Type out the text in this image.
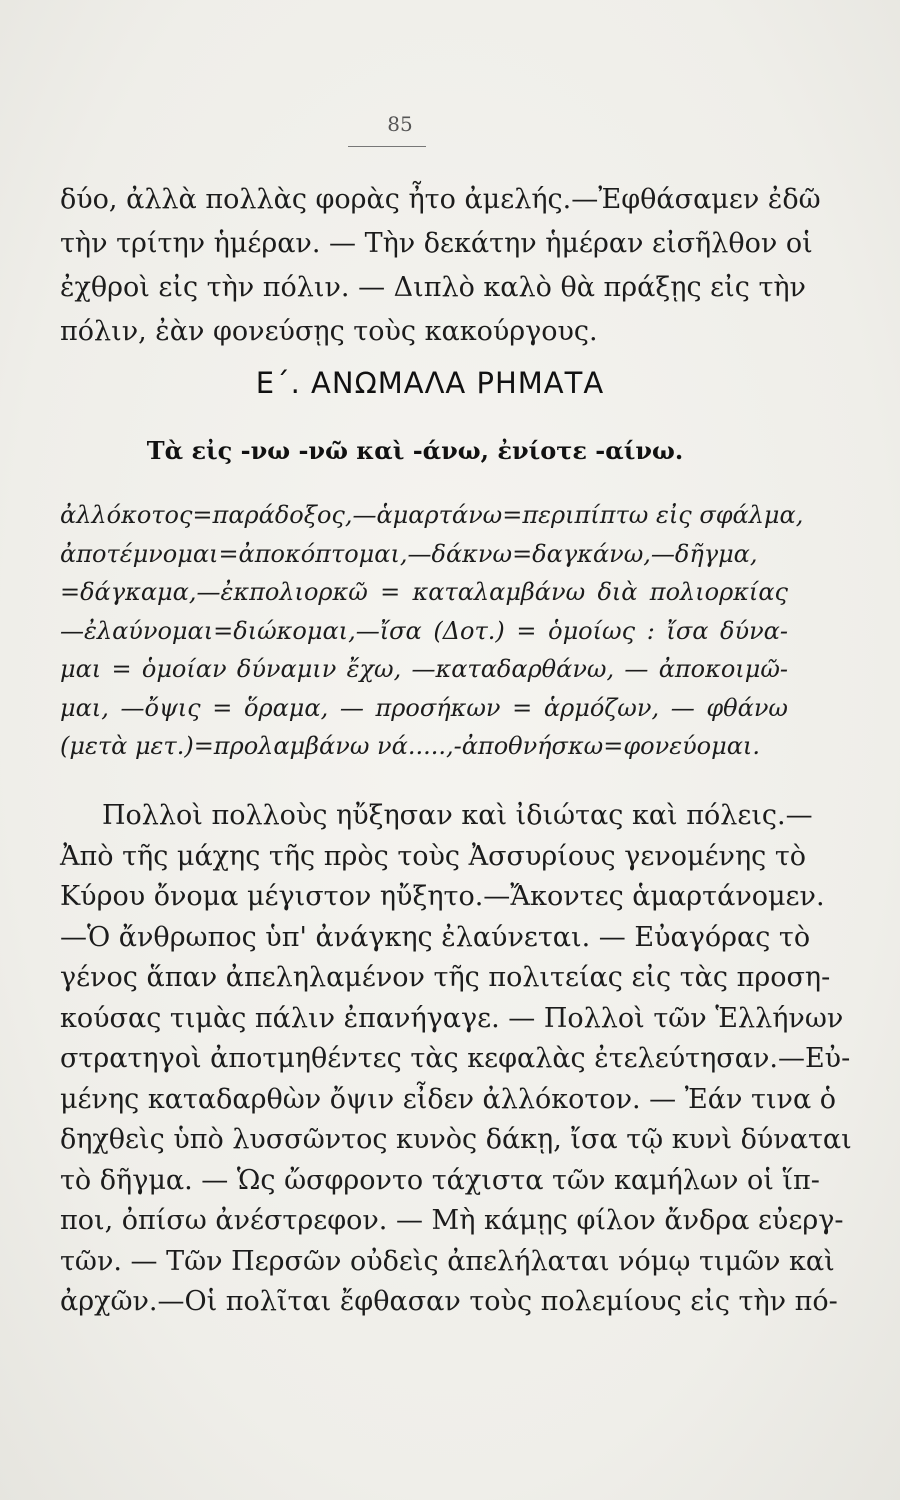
85
δύο, ἀλλὰ πολλὰς φορὰς ἦτο ἀμελής.—Ἐφθάσαμεν ἐδῶ
τὴν τρίτην ἡμέραν. — Τὴν δεκάτην ἡμέραν εἰσῆλθον οἱ
ἐχθροὶ εἰς τὴν πόλιν. — Διπλὸ καλὸ θὰ πράξῃς εἰς τὴν
πόλιν, ἐὰν φονεύσῃς τοὺς κακούργους.
Ε΄. ΑΝΩΜΑΛΑ ΡΗΜΑΤΑ
Τὰ εἰς -νω -νῶ καὶ -άνω, ἐνίοτε -αίνω.
ἀλλόκοτος=παράδοξος,—ἁμαρτάνω=περιπίπτω εἰς σφάλμα,
ἀποτέμνομαι=ἀποκόπτομαι,—δάκνω=δαγκάνω,—δῆγμα,
=δάγκαμα,—ἐκπολιορκῶ = καταλαμβάνω διὰ πολιορκίας
—ἐλαύνομαι=διώκομαι,—ἴσα (Δοτ.) = ὁμοίως : ἴσα δύνα-
μαι = ὁμοίαν δύναμιν ἔχω, —καταδαρθάνω, — ἀποκοιμῶ-
μαι, —ὄψις = ὅραμα, — προσήκων = ἁρμόζων, — φθάνω
(μετὰ μετ.)=προλαμβάνω νά.....,-ἀποθνήσκω=φονεύομαι.
Πολλοὶ πολλοὺς ηὔξησαν καὶ ἰδιώτας καὶ πόλεις.—
Ἀπὸ τῆς μάχης τῆς πρὸς τοὺς Ἀσσυρίους γενομένης τὸ
Κύρου ὄνομα μέγιστον ηὔξητο.—Ἄκοντες ἁμαρτάνομεν.
—Ὁ ἄνθρωπος ὑπ' ἀνάγκης ἐλαύνεται. — Εὐαγόρας τὸ
γένος ἅπαν ἀπεληλαμένον τῆς πολιτείας εἰς τὰς προση-
κούσας τιμὰς πάλιν ἐπανήγαγε. — Πολλοὶ τῶν Ἑλλήνων
στρατηγοὶ ἀποτμηθέντες τὰς κεφαλὰς ἐτελεύτησαν.—Εὐ-
μένης καταδαρθὼν ὄψιν εἶδεν ἀλλόκοτον. — Ἐάν τινα ὁ
δηχθεὶς ὑπὸ λυσσῶντος κυνὸς δάκῃ, ἴσα τῷ κυνὶ δύναται
τὸ δῆγμα. — Ὡς ὤσφροντο τάχιστα τῶν καμήλων οἱ ἵπ-
ποι, ὀπίσω ἀνέστρεφον. — Μὴ κάμῃς φίλον ἄνδρα εὐεργ-
τῶν. — Τῶν Περσῶν οὐδεὶς ἀπελήλαται νόμῳ τιμῶν καὶ
ἀρχῶν.—Οἱ πολῖται ἔφθασαν τοὺς πολεμίους εἰς τὴν πό-
